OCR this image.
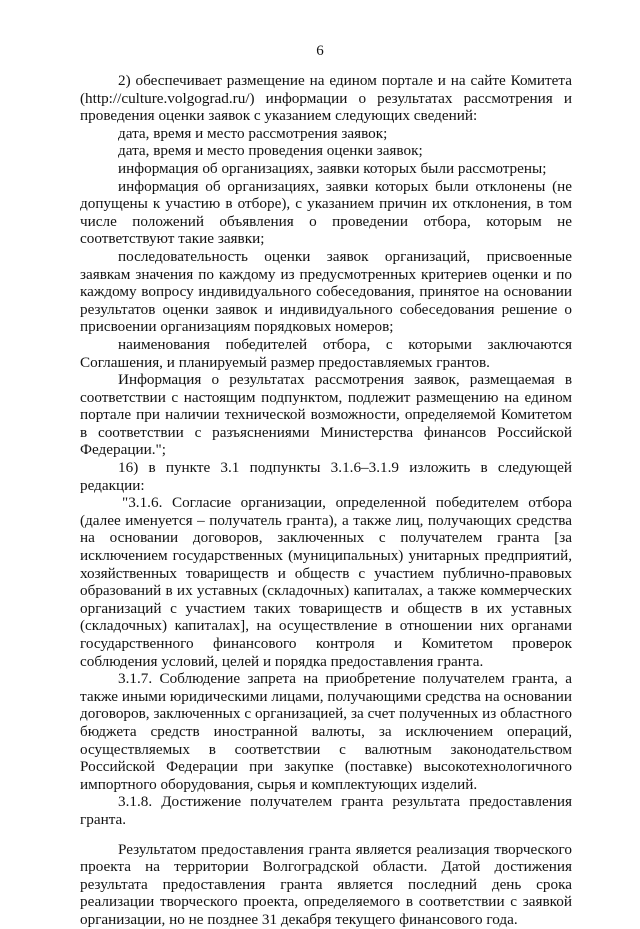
6

2) обеспечивает размещение на едином портале и на сайте Комитета (http://culture.volgograd.ru/) информации о результатах рассмотрения и проведения оценки заявок с указанием следующих сведений:

дата, время и место рассмотрения заявок;

дата, время и место проведения оценки заявок;

информация об организациях, заявки которых были рассмотрены;

информация об организациях, заявки которых были отклонены (не допущены к участию в отборе), с указанием причин их отклонения, в том числе положений объявления о проведении отбора, которым не соответствуют такие заявки;

последовательность оценки заявок организаций, присвоенные заявкам значения по каждому из предусмотренных критериев оценки и по каждому вопросу индивидуального собеседования, принятое на основании результатов оценки заявок и индивидуального собеседования решение о присвоении организациям порядковых номеров;

наименования победителей отбора, с которыми заключаются Соглашения, и планируемый размер предоставляемых грантов.

Информация о результатах рассмотрения заявок, размещаемая в соответствии с настоящим подпунктом, подлежит размещению на едином портале при наличии технической возможности, определяемой Комитетом в соответствии с разъяснениями Министерства финансов Российской Федерации.";

16) в пункте 3.1 подпункты 3.1.6–3.1.9 изложить в следующей редакции:

"3.1.6. Согласие организации, определенной победителем отбора (далее именуется – получатель гранта), а также лиц, получающих средства на основании договоров, заключенных с получателем гранта [за исключением государственных (муниципальных) унитарных предприятий, хозяйственных товариществ и обществ с участием публично-правовых образований в их уставных (складочных) капиталах, а также коммерческих организаций с участием таких товариществ и обществ в их уставных (складочных) капиталах], на осуществление в отношении них органами государственного финансового контроля и Комитетом проверок соблюдения условий, целей и порядка предоставления гранта.

3.1.7. Соблюдение запрета на приобретение получателем гранта, а также иными юридическими лицами, получающими средства на основании договоров, заключенных с организацией, за счет полученных из областного бюджета средств иностранной валюты, за исключением операций, осуществляемых в соответствии с валютным законодательством Российской Федерации при закупке (поставке) высокотехнологичного импортного оборудования, сырья и комплектующих изделий.

3.1.8. Достижение получателем гранта результата предоставления гранта.

Результатом предоставления гранта является реализация творческого проекта на территории Волгоградской области. Датой достижения результата предоставления гранта является последний день срока реализации творческого проекта, определяемого в соответствии с заявкой организации, но не позднее 31 декабря текущего финансового года.
